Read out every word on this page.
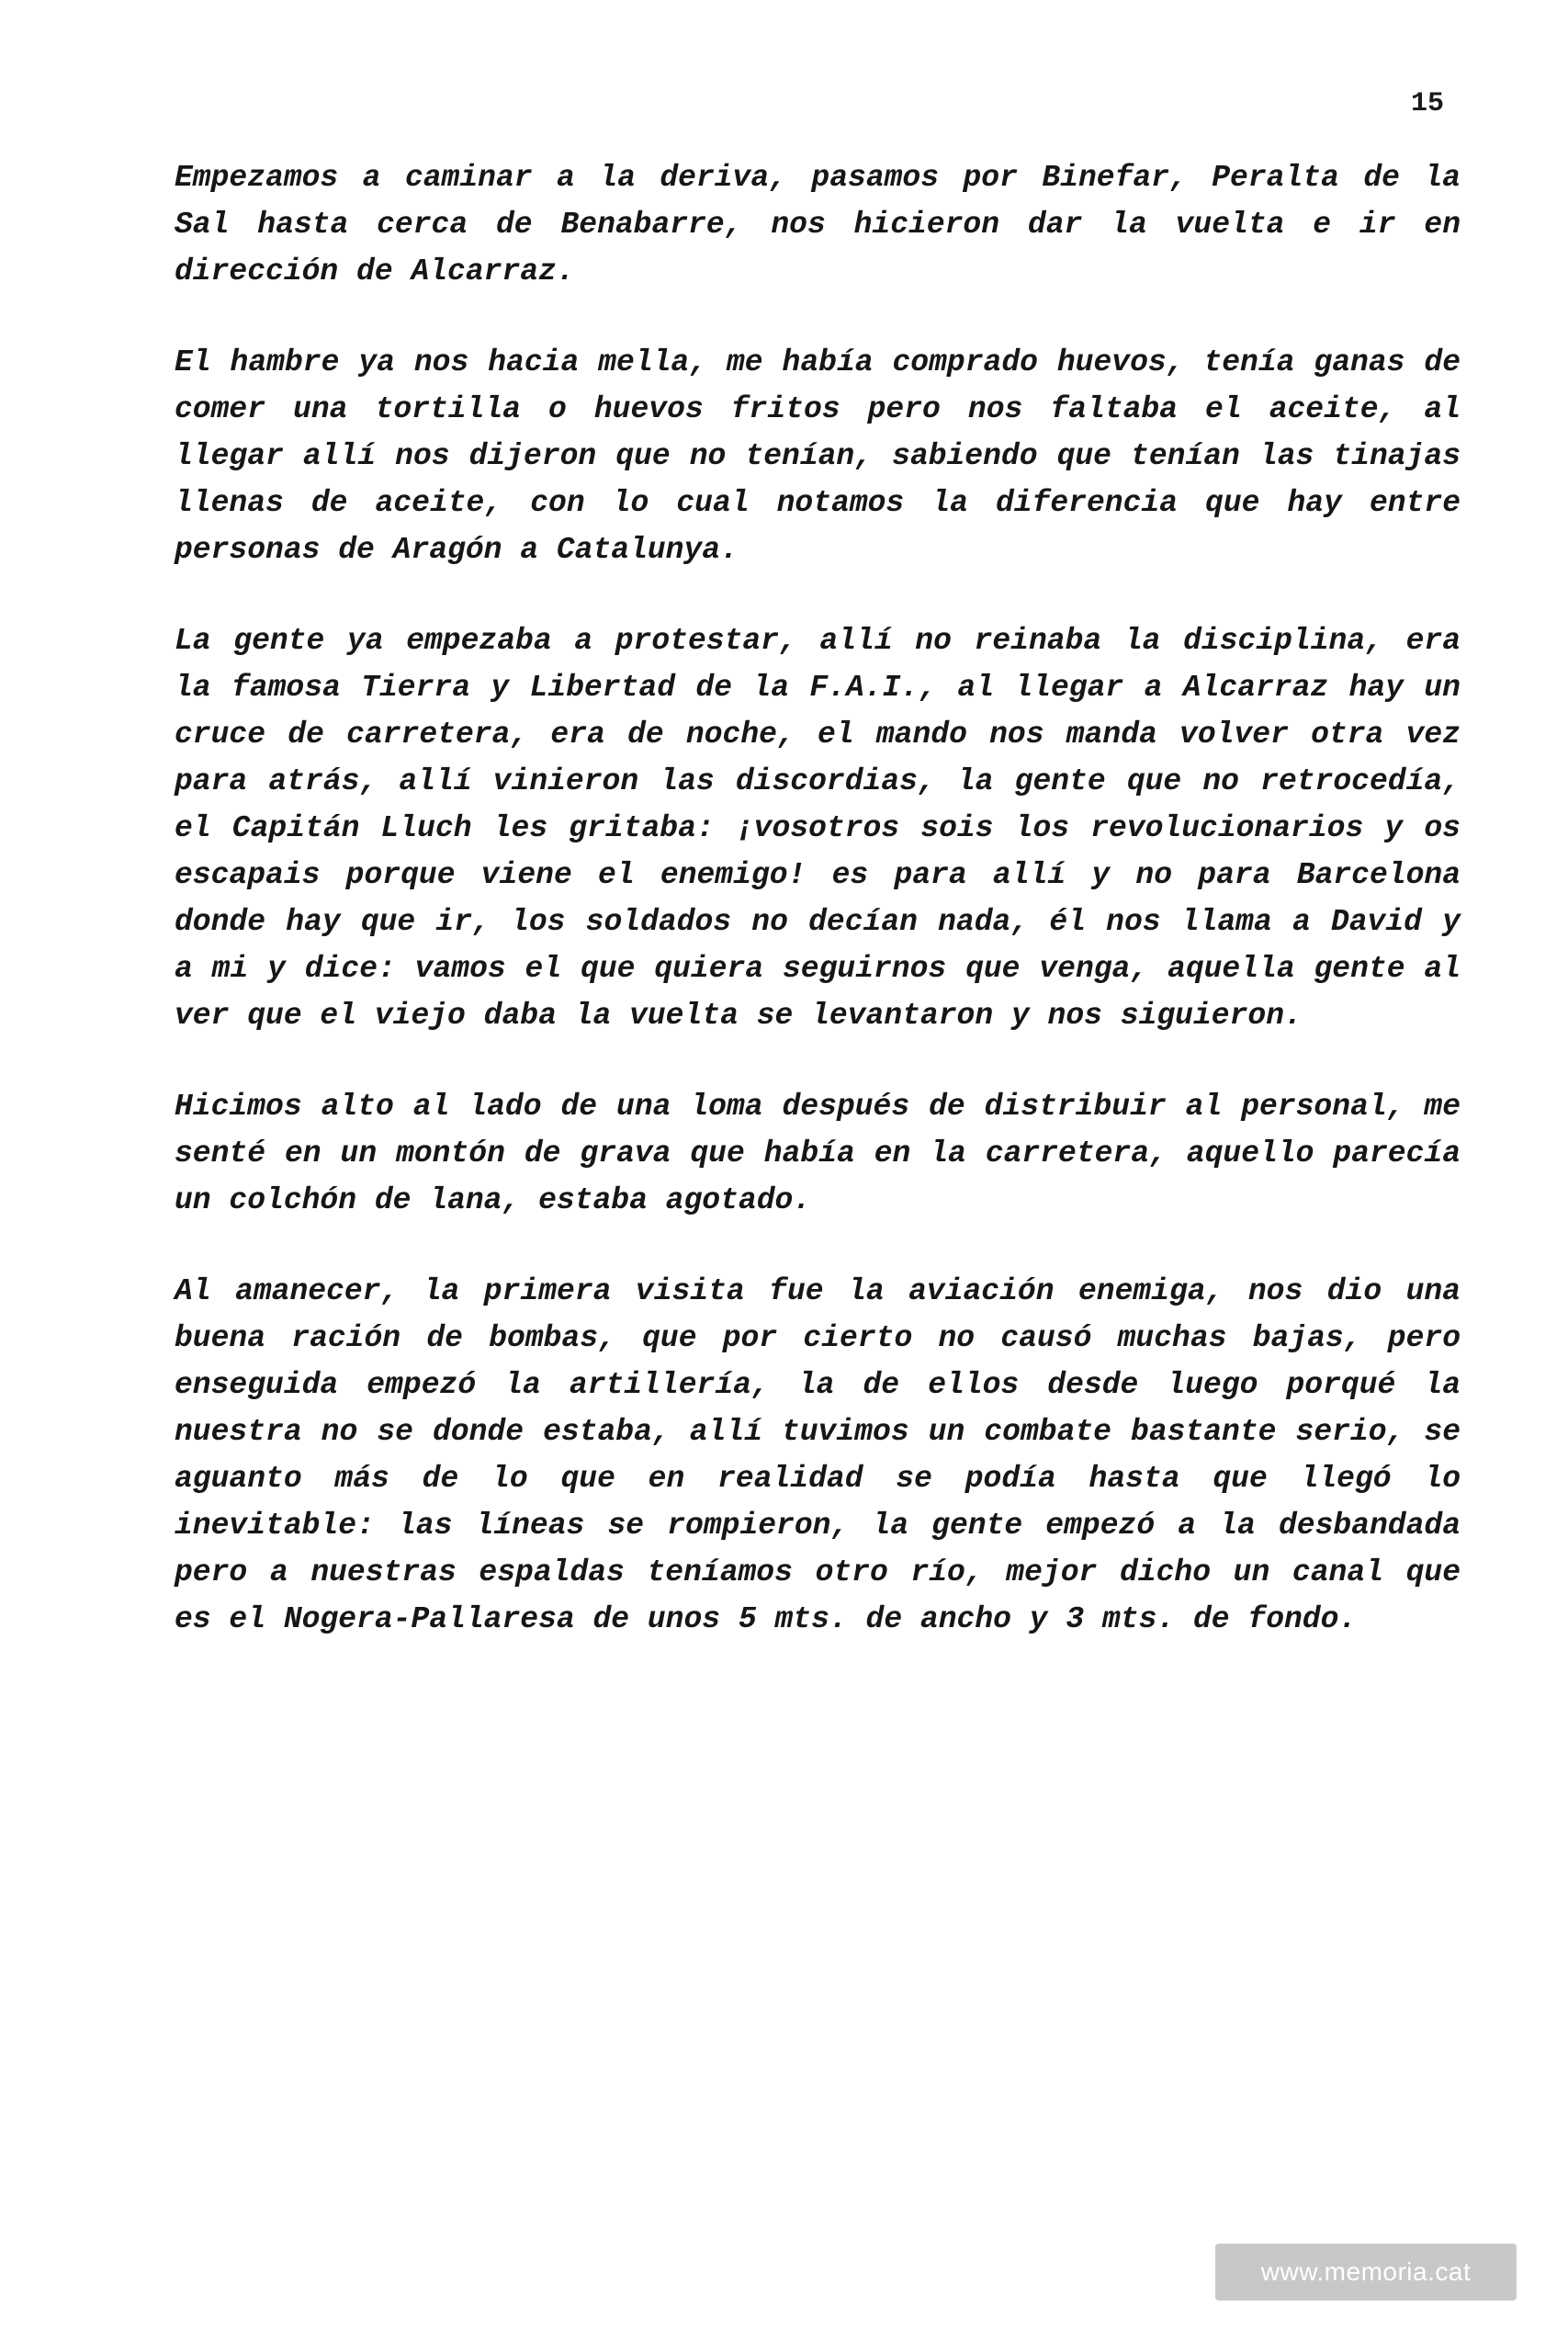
15

Empezamos a caminar a la deriva, pasamos por Binefar, Peralta de la Sal hasta cerca de Benabarre, nos hicieron dar la vuelta e ir en dirección de Alcarraz.

El hambre ya nos hacia mella, me había comprado huevos, tenía ganas de comer una tortilla o huevos fritos pero nos faltaba el aceite, al llegar allí nos dijeron que no tenían, sabiendo que tenían las tinajas llenas de aceite, con lo cual notamos la diferencia que hay entre personas de Aragón a Catalunya.

La gente ya empezaba a protestar, allí no reinaba la disciplina, era la famosa Tierra y Libertad de la F.A.I., al llegar a Alcarraz hay un cruce de carretera, era de noche, el mando nos manda volver otra vez para atrás, allí vinieron las discordias, la gente que no retrocedía, el Capitán Lluch les gritaba: ¡vosotros sois los revolucionarios y os escapais porque viene el enemigo! es para allí y no para Barcelona donde hay que ir, los soldados no decían nada, él nos llama a David y a mi y dice: vamos el que quiera seguirnos que venga, aquella gente al ver que el viejo daba la vuelta se levantaron y nos siguieron.

Hicimos alto al lado de una loma después de distribuir al personal, me senté en un montón de grava que había en la carretera, aquello parecía un colchón de lana, estaba agotado.

Al amanecer, la primera visita fue la aviación enemiga, nos dio una buena ración de bombas, que por cierto no causó muchas bajas, pero enseguida empezó la artillería, la de ellos desde luego porqué la nuestra no se donde estaba, allí tuvimos un combate bastante serio, se aguanto más de lo que en realidad se podía hasta que llegó lo inevitable: las líneas se rompieron, la gente empezó a la desbandada pero a nuestras espaldas teníamos otro río, mejor dicho un canal que es el Nogera-Pallaresa de unos 5 mts. de ancho y 3 mts. de fondo.

www.memoria.cat
